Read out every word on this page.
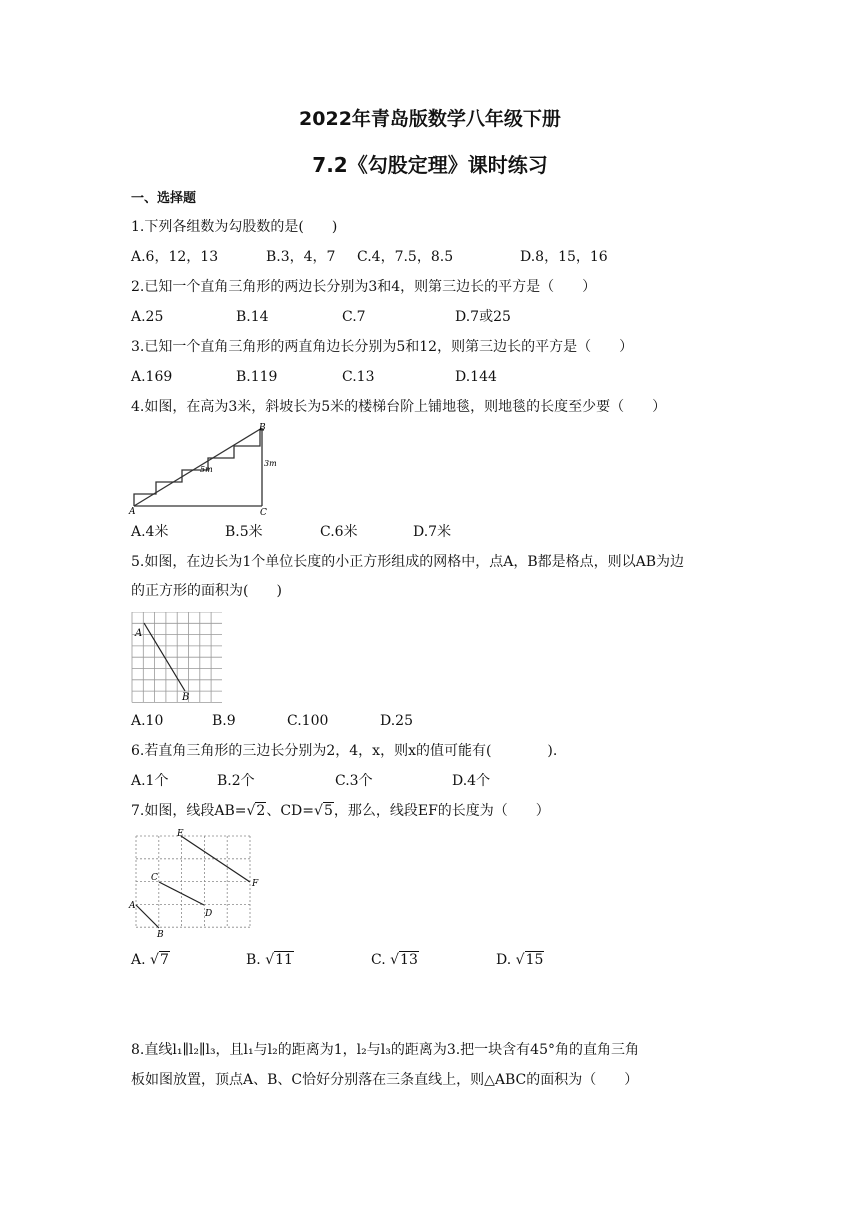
2022年青岛版数学八年级下册
7.2《勾股定理》课时练习
一、选择题
1.下列各组数为勾股数的是(　　)
A.6，12，13	B.3，4，7 C.4，7.5，8.5	D.8，15，16
2.已知一个直角三角形的两边长分别为3和4，则第三边长的平方是（　　）
A.25	B.14	C.7	D.7或25
3.已知一个直角三角形的两直角边长分别为5和12，则第三边长的平方是（　　）
A.169	B.119	C.13	D.144
4.如图，在高为3米，斜坡长为5米的楼梯台阶上铺地毯，则地毯的长度至少要（　　）
A
B
C
5m
3m
A.4米	B.5米	C.6米	D.7米
5.如图，在边长为1个单位长度的小正方形组成的网格中，点A，B都是格点，则以AB为边
的正方形的面积为(　　)
A
B
A.10	B.9	C.100	D.25
6.若直角三角形的三边长分别为2，4，x，则x的值可能有(　　　　).
A.1个	B.2个	C.3个	D.4个
7.如图，线段AB=√2、CD=√5，那么，线段EF的长度为（　　）
E
F
C
D
A
B
A. √7	B. √11	C. √13	D. √15
8.直线l₁∥l₂∥l₃，且l₁与l₂的距离为1，l₂与l₃的距离为3.把一块含有45°角的直角三角
板如图放置，顶点A、B、C恰好分别落在三条直线上，则△ABC的面积为（　　）
